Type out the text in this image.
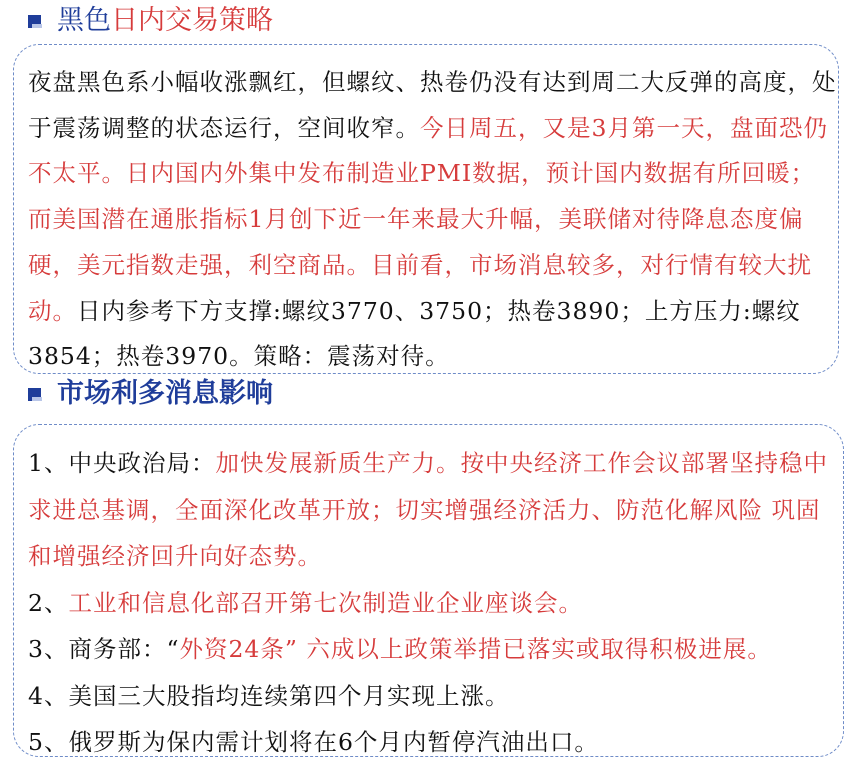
黑色 日内交易策略
夜盘黑色系小幅收涨飘红，但螺纹、热卷仍没有达到周二大反弹的高度，处于震荡调整的状态运行，空间收窄。今日周五，又是3月第一天，盘面恐仍不太平。日内国内外集中发布制造业PMI数据，预计国内数据有所回暖；而美国潜在通胀指标1月创下近一年来最大升幅，美联储对待降息态度偏硬，美元指数走强，利空商品。目前看，市场消息较多，对行情有较大扰动。日内参考下方支撑:螺纹3770、3750；热卷3890；上方压力:螺纹3854；热卷3970。策略：震荡对待。
市场利多消息影响
1、中央政治局：加快发展新质生产力。按中央经济工作会议部署坚持稳中求进总基调，全面深化改革开放；切实增强经济活力、防范化解风险 巩固和增强经济回升向好态势。
2、工业和信息化部召开第七次制造业企业座谈会。
3、商务部：“外资24条” 六成以上政策举措已落实或取得积极进展。
4、美国三大股指均连续第四个月实现上涨。
5、俄罗斯为保内需计划将在6个月内暂停汽油出口。
